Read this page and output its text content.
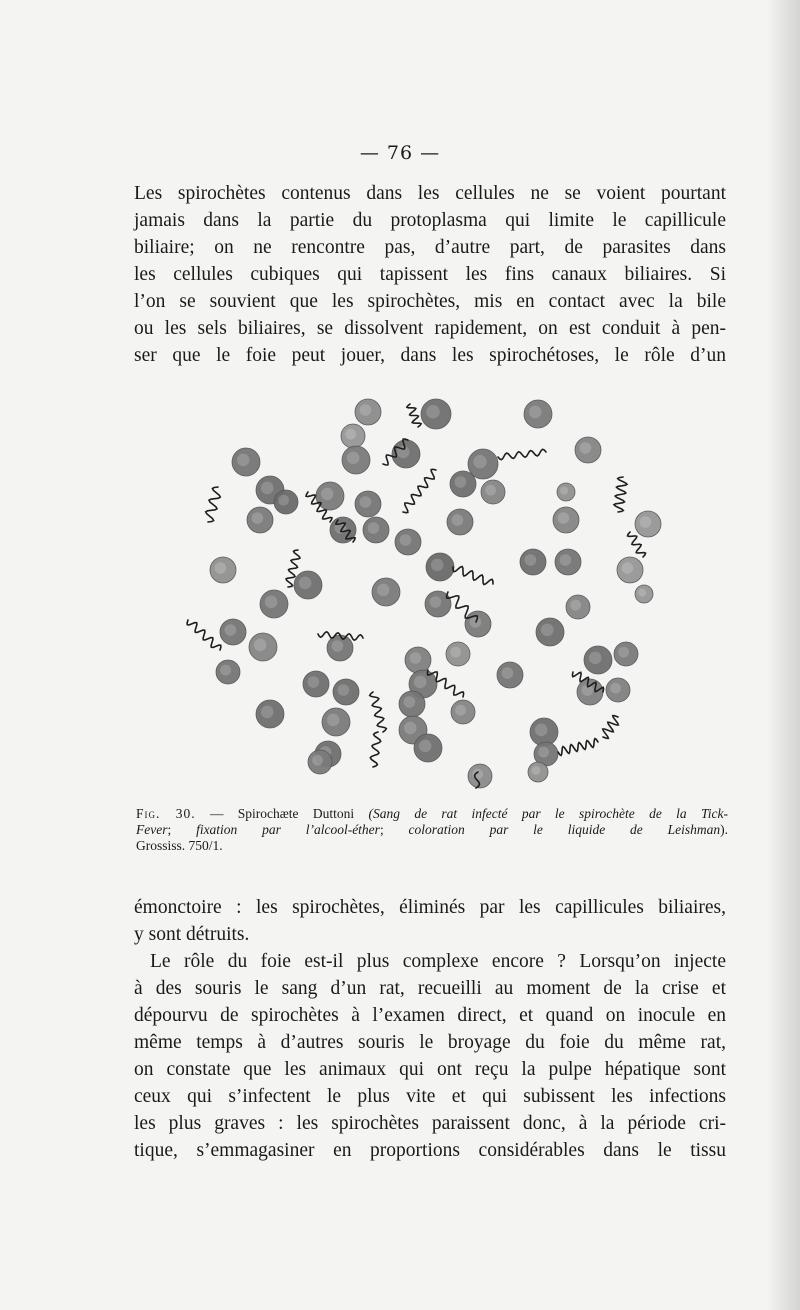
— 76 —
Les spirochètes contenus dans les cellules ne se voient pourtant
jamais dans la partie du protoplasma qui limite le capillicule
biliaire; on ne rencontre pas, d’autre part, de parasites dans
les cellules cubiques qui tapissent les fins canaux biliaires. Si
l’on se souvient que les spirochètes, mis en contact avec la bile
ou les sels biliaires, se dissolvent rapidement, on est conduit à pen-
ser que le foie peut jouer, dans les spirochétoses, le rôle d’un
Fig. 30. — Spirochæte Duttoni (Sang de rat infecté par le spirochète de la Tick-
Fever; fixation par l’alcool-éther; coloration par le liquide de Leishman).
Grossiss. 750/1.
émonctoire : les spirochètes, éliminés par les capillicules biliaires,
y sont détruits.
Le rôle du foie est-il plus complexe encore ? Lorsqu’on injecte
à des souris le sang d’un rat, recueilli au moment de la crise et
dépourvu de spirochètes à l’examen direct, et quand on inocule en
même temps à d’autres souris le broyage du foie du même rat,
on constate que les animaux qui ont reçu la pulpe hépatique sont
ceux qui s’infectent le plus vite et qui subissent les infections
les plus graves : les spirochètes paraissent donc, à la période cri-
tique, s’emmagasiner en proportions considérables dans le tissu
